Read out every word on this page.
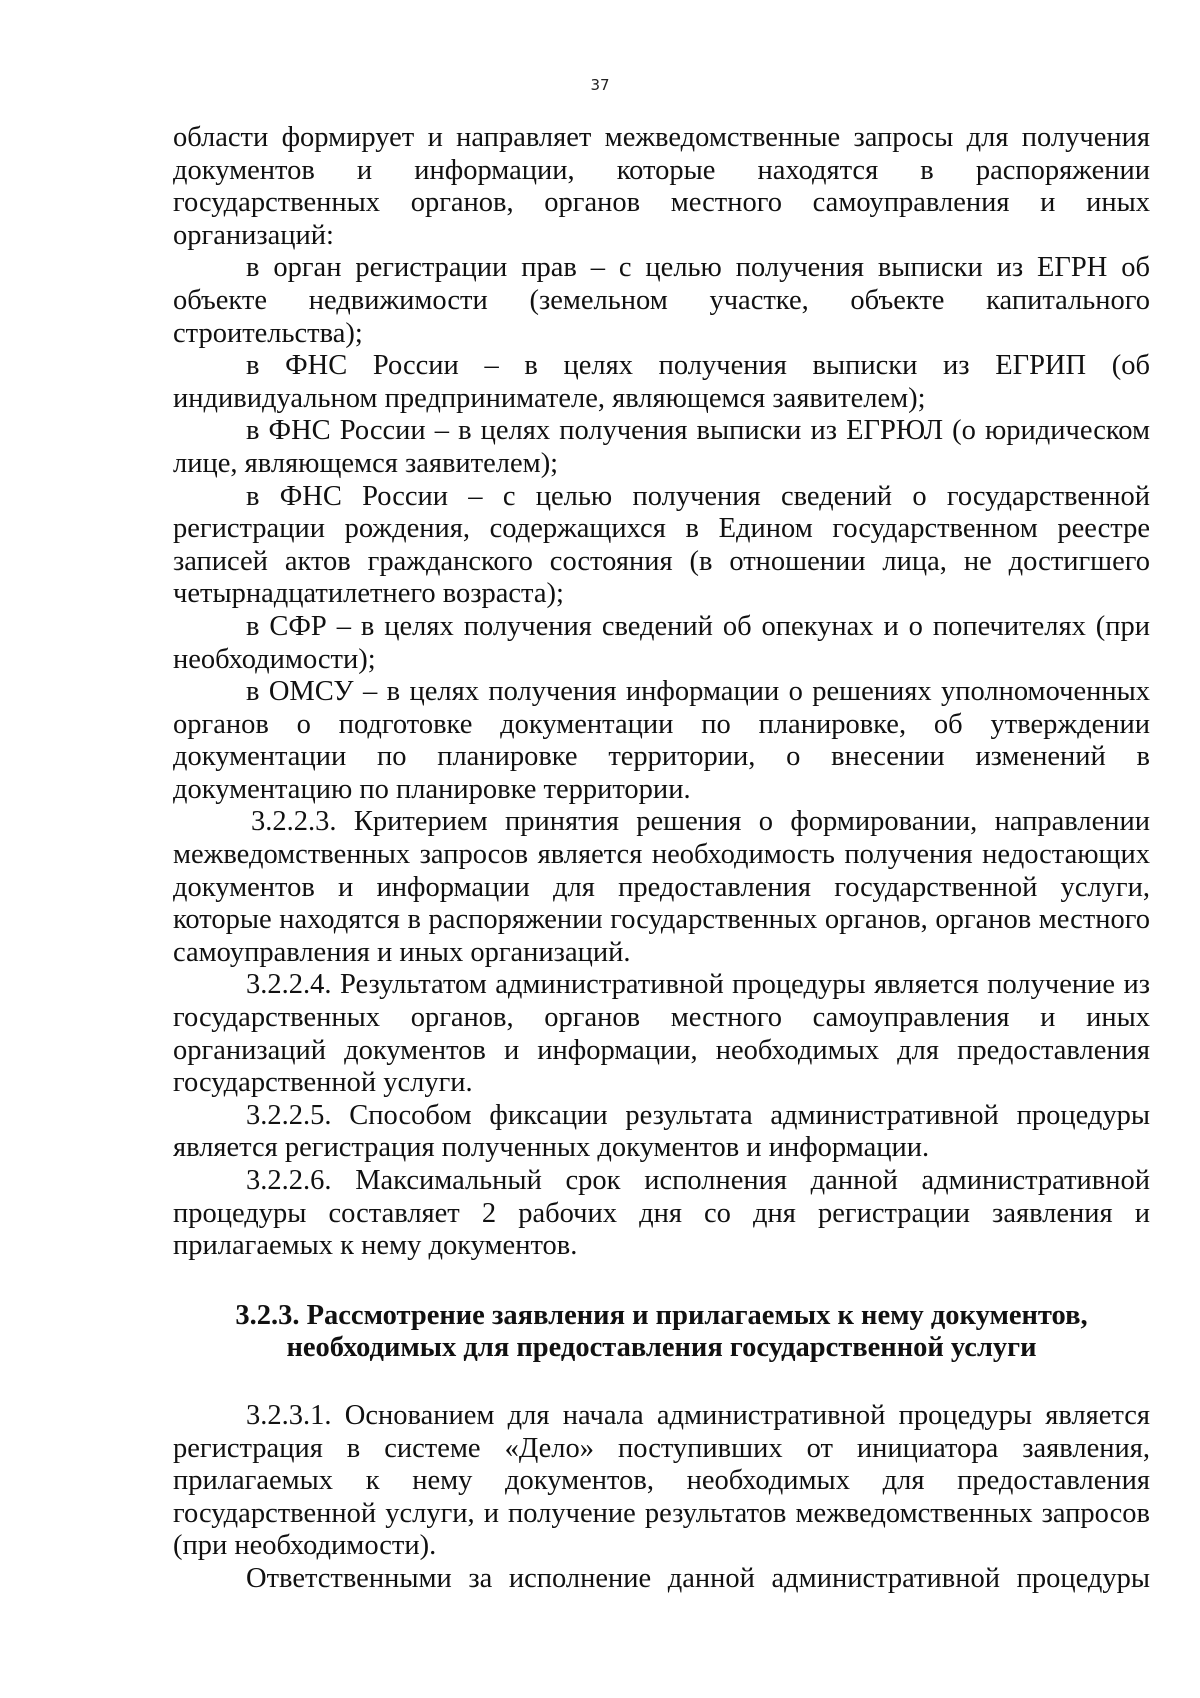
37

области формирует и направляет межведомственные запросы для получения документов и информации, которые находятся в распоряжении государственных органов, органов местного самоуправления и иных организаций:

в орган регистрации прав – с целью получения выписки из ЕГРН об объекте недвижимости (земельном участке, объекте капитального строительства);

в ФНС России – в целях получения выписки из ЕГРИП (об индивидуальном предпринимателе, являющемся заявителем);

в ФНС России – в целях получения выписки из ЕГРЮЛ (о юридическом лице, являющемся заявителем);

в ФНС России – с целью получения сведений о государственной регистрации рождения, содержащихся в Едином государственном реестре записей актов гражданского состояния (в отношении лица, не достигшего четырнадцатилетнего возраста);

в СФР – в целях получения сведений об опекунах и о попечителях (при необходимости);

в ОМСУ – в целях получения информации о решениях уполномоченных органов о подготовке документации по планировке, об утверждении документации по планировке территории, о внесении изменений в документацию по планировке территории.

3.2.2.3. Критерием принятия решения о формировании, направлении межведомственных запросов является необходимость получения недостающих документов и информации для предоставления государственной услуги, которые находятся в распоряжении государственных органов, органов местного самоуправления и иных организаций.

3.2.2.4. Результатом административной процедуры является получение из государственных органов, органов местного самоуправления и иных организаций документов и информации, необходимых для предоставления государственной услуги.

3.2.2.5. Способом фиксации результата административной процедуры является регистрация полученных документов и информации.

3.2.2.6. Максимальный срок исполнения данной административной процедуры составляет 2 рабочих дня со дня регистрации заявления и прилагаемых к нему документов.

3.2.3. Рассмотрение заявления и прилагаемых к нему документов,
необходимых для предоставления государственной услуги

3.2.3.1. Основанием для начала административной процедуры является регистрация в системе «Дело» поступивших от инициатора заявления, прилагаемых к нему документов, необходимых для предоставления государственной услуги, и получение результатов межведомственных запросов (при необходимости).

Ответственными за исполнение данной административной процедуры
